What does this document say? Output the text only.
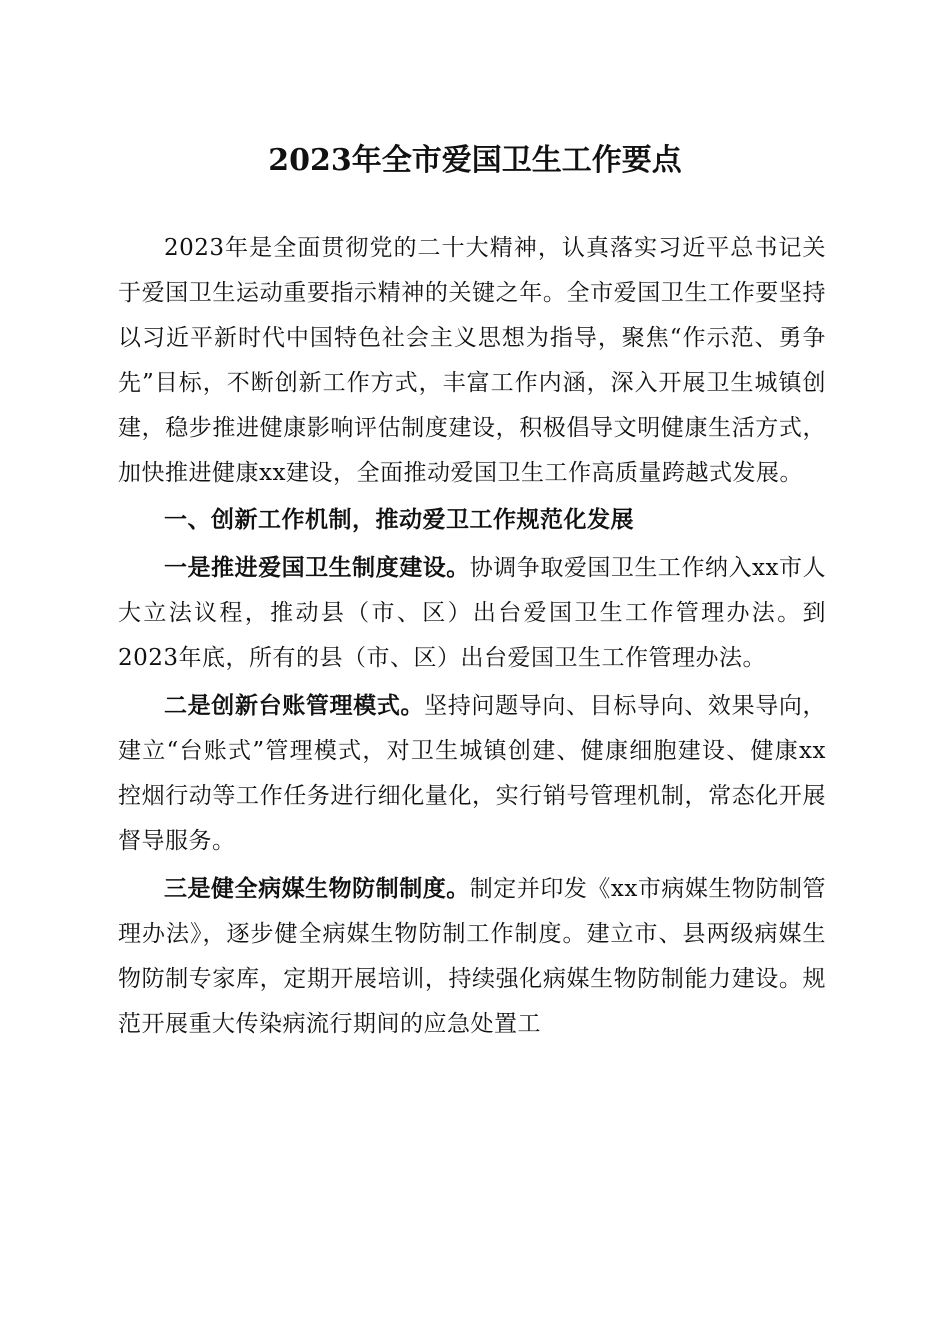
2023年全市爱国卫生工作要点

2023年是全面贯彻党的二十大精神，认真落实习近平总书记关于爱国卫生运动重要指示精神的关键之年。全市爱国卫生工作要坚持以习近平新时代中国特色社会主义思想为指导，聚焦“作示范、勇争先”目标，不断创新工作方式，丰富工作内涵，深入开展卫生城镇创建，稳步推进健康影响评估制度建设，积极倡导文明健康生活方式，加快推进健康xx建设，全面推动爱国卫生工作高质量跨越式发展。

一、创新工作机制，推动爱卫工作规范化发展

一是推进爱国卫生制度建设。协调争取爱国卫生工作纳入xx市人大立法议程，推动县（市、区）出台爱国卫生工作管理办法。到2023年底，所有的县（市、区）出台爱国卫生工作管理办法。

二是创新台账管理模式。坚持问题导向、目标导向、效果导向，建立“台账式”管理模式，对卫生城镇创建、健康细胞建设、健康xx控烟行动等工作任务进行细化量化，实行销号管理机制，常态化开展督导服务。

三是健全病媒生物防制制度。制定并印发《xx市病媒生物防制管理办法》，逐步健全病媒生物防制工作制度。建立市、县两级病媒生物防制专家库，定期开展培训，持续强化病媒生物防制能力建设。规范开展重大传染病流行期间的应急处置工
